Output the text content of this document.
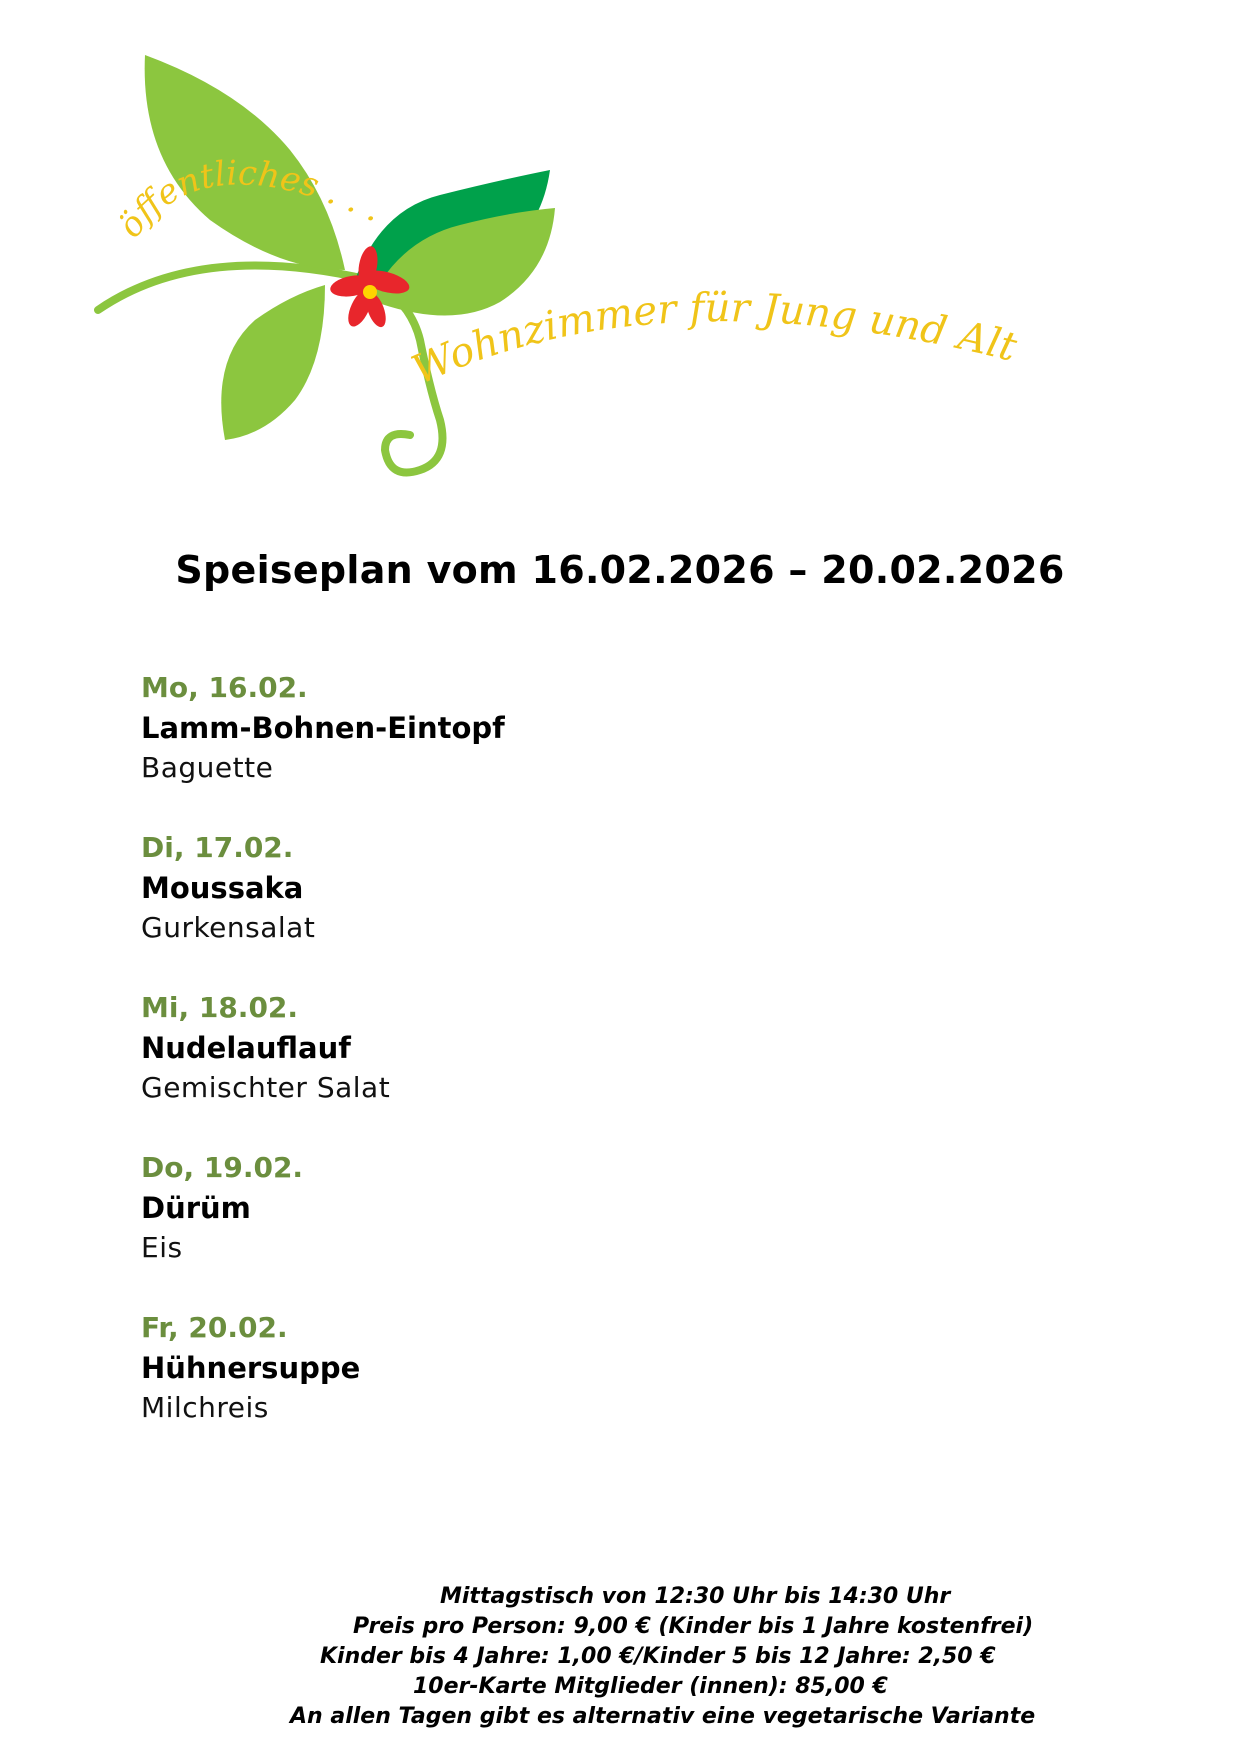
öffentliches . . .
Wohnzimmer für Jung und Alt
Speiseplan vom 16.02.2026 – 20.02.2026
Mo, 16.02.
Lamm-Bohnen-Eintopf
Baguette
Di, 17.02.
Moussaka
Gurkensalat
Mi, 18.02.
Nudelauflauf
Gemischter Salat
Do, 19.02.
Dürüm
Eis
Fr, 20.02.
Hühnersuppe
Milchreis
Mittagstisch von 12:30 Uhr bis 14:30 Uhr
Preis pro Person: 9,00 € (Kinder bis 1 Jahre kostenfrei)
Kinder bis 4 Jahre: 1,00 €/Kinder 5 bis 12 Jahre: 2,50 €
10er-Karte Mitglieder (innen): 85,00 €
An allen Tagen gibt es alternativ eine vegetarische Variante
